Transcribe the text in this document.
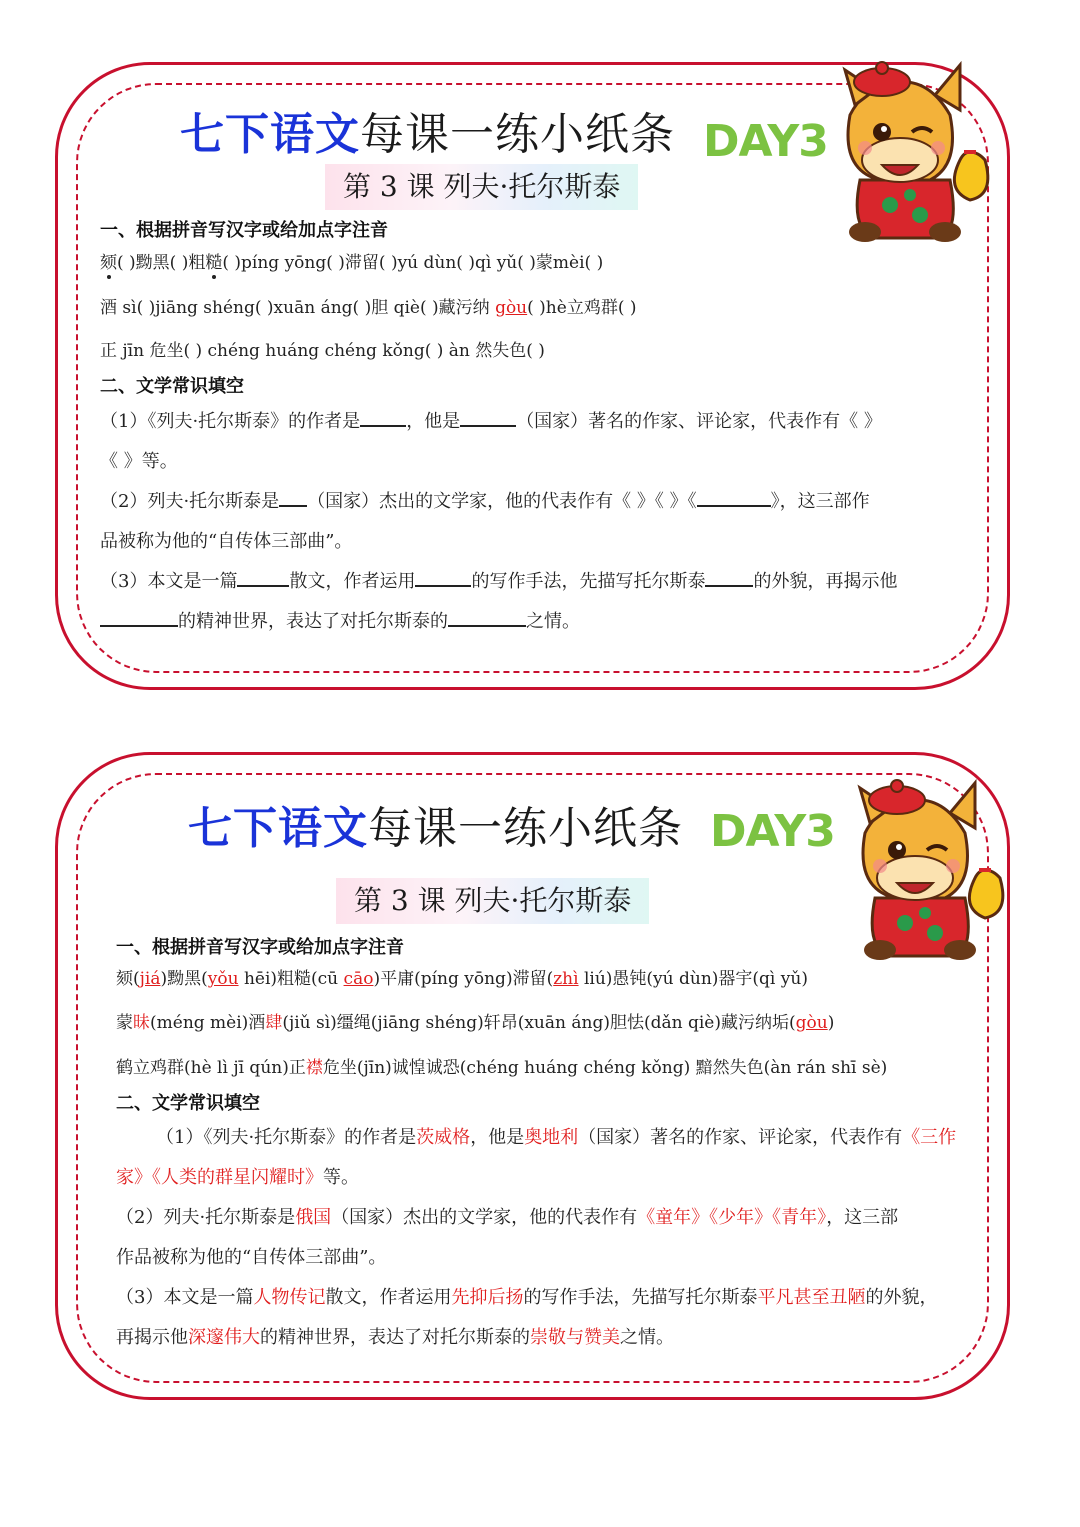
七下语文每课一练小纸条 DAY3
第 3 课 列夫·托尔斯泰
一、根据拼音写汉字或给加点字注音
颏( )黝黑( )粗糙( )píng yōng( )滞留( )yú dùn( )qì yǔ( )蒙mèi( )
酒 sì( )jiāng shéng( )xuān áng( )胆 qiè( )藏污纳 gòu( )hè立鸡群( )
正 jīn 危坐( ) chéng huáng chéng kǒng( ) àn 然失色( )
二、文学常识填空
（1）《列夫·托尔斯泰》的作者是	，他是	（国家）著名的作家、评论家，代表作有《 》
《 》等。
（2）列夫·托尔斯泰是 （国家）杰出的文学家，他的代表作有《 》《 》《	》，这三部作
品被称为他的“自传体三部曲”。
（3）本文是一篇	散文，作者运用	的写作手法，先描写托尔斯泰	的外貌，再揭示他
的精神世界，表达了对托尔斯泰的	之情。
七下语文每课一练小纸条 DAY3
第 3 课 列夫·托尔斯泰
一、根据拼音写汉字或给加点字注音
颏(jiá)黝黑(yǒu hēi)粗糙(cū cāo)平庸(píng yōng)滞留(zhì liú)愚钝(yú dùn)器宇(qì yǔ)
蒙昧(méng mèi)酒肆(jiǔ sì)缰绳(jiāng shéng)轩昂(xuān áng)胆怯(dǎn qiè)藏污纳垢(gòu)
鹤立鸡群(hè lì jī qún)正襟危坐(jīn)诚惶诚恐(chéng huáng chéng kǒng) 黯然失色(àn rán shī sè)
二、文学常识填空
（1）《列夫·托尔斯泰》的作者是茨威格，他是奥地利（国家）著名的作家、评论家，代表作有《三作家》《人类的群星闪耀时》等。
（2）列夫·托尔斯泰是俄国（国家）杰出的文学家，他的代表作有《童年》《少年》《青年》，这三部
作品被称为他的“自传体三部曲”。
（3）本文是一篇人物传记散文，作者运用先抑后扬的写作手法，先描写托尔斯泰平凡甚至丑陋的外貌，
再揭示他深邃伟大的精神世界，表达了对托尔斯泰的崇敬与赞美之情。
